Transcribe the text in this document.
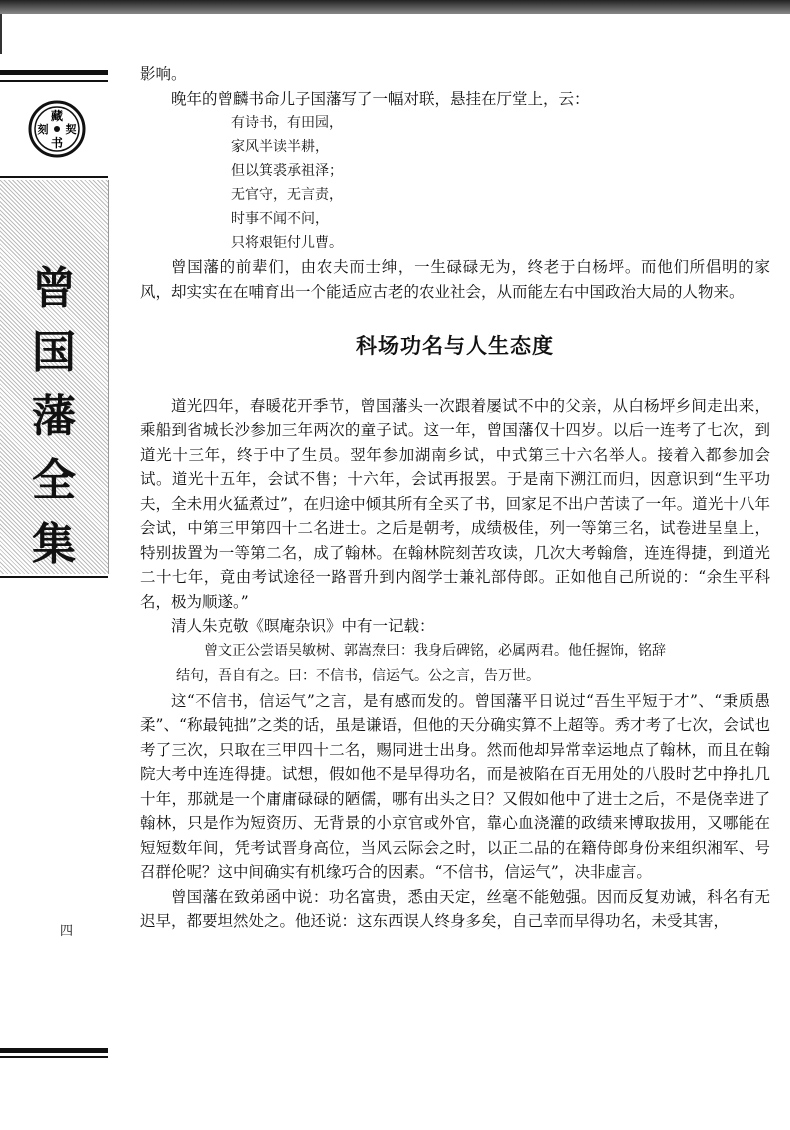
藏
刻 契
书
曾
国
藩
全
集
四

影响。

晚年的曾麟书命儿子国藩写了一幅对联，悬挂在厅堂上，云：

有诗书，有田园，

家风半读半耕，

但以箕裘承祖泽；

无官守，无言责，

时事不闻不问，

只将艰钜付儿曹。

曾国藩的前辈们，由农夫而士绅，一生碌碌无为，终老于白杨坪。而他们所倡明的家风，却实实在在哺育出一个能适应古老的农业社会，从而能左右中国政治大局的人物来。

科场功名与人生态度

道光四年，春暖花开季节，曾国藩头一次跟着屡试不中的父亲，从白杨坪乡间走出来，乘船到省城长沙参加三年两次的童子试。这一年，曾国藩仅十四岁。以后一连考了七次，到道光十三年，终于中了生员。翌年参加湖南乡试，中式第三十六名举人。接着入都参加会试。道光十五年，会试不售；十六年，会试再报罢。于是南下溯江而归，因意识到“生平功夫，全未用火猛煮过”，在归途中倾其所有全买了书，回家足不出户苦读了一年。道光十八年会试，中第三甲第四十二名进士。之后是朝考，成绩极佳，列一等第三名，试卷进呈皇上，特别拔置为一等第二名，成了翰林。在翰林院刻苦攻读，几次大考翰詹，连连得捷，到道光二十七年，竟由考试途径一路晋升到内阁学士兼礼部侍郎。正如他自己所说的：“余生平科名，极为顺遂。”

清人朱克敬《暝庵杂识》中有一记载：

曾文正公尝语吴敏树、郭嵩焘曰：我身后碑铭，必属两君。他任握饰，铭辞

结句，吾自有之。曰：不信书，信运气。公之言，告万世。

这“不信书，信运气”之言，是有感而发的。曾国藩平日说过“吾生平短于才”、“秉质愚柔”、“称最钝拙”之类的话，虽是谦语，但他的天分确实算不上超等。秀才考了七次，会试也考了三次，只取在三甲四十二名，赐同进士出身。然而他却异常幸运地点了翰林，而且在翰院大考中连连得捷。试想，假如他不是早得功名，而是被陷在百无用处的八股时艺中挣扎几十年，那就是一个庸庸碌碌的陋儒，哪有出头之日？又假如他中了进士之后，不是侥幸进了翰林，只是作为短资历、无背景的小京官或外官，靠心血浇灌的政绩来博取拔用，又哪能在短短数年间，凭考试晋身高位，当风云际会之时，以正二品的在籍侍郎身份来组织湘军、号召群伦呢？这中间确实有机缘巧合的因素。“不信书，信运气”，决非虚言。

曾国藩在致弟函中说：功名富贵，悉由天定，丝毫不能勉强。因而反复劝诫，科名有无迟早，都要坦然处之。他还说：这东西误人终身多矣，自己幸而早得功名，未受其害，
